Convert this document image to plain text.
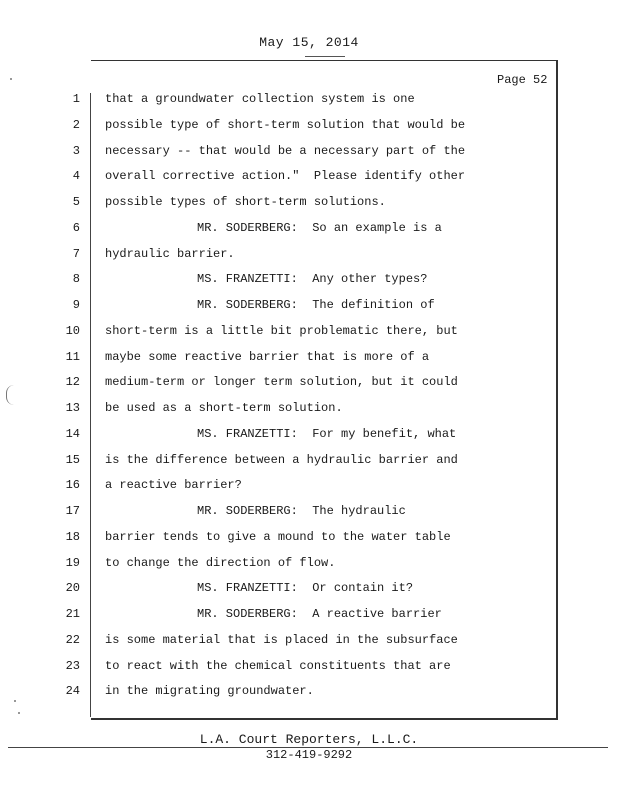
May 15, 2014
Page 52
1 that a groundwater collection system is one
2 possible type of short-term solution that would be
3 necessary -- that would be a necessary part of the
4 overall corrective action."  Please identify other
5 possible types of short-term solutions.
6	MR. SODERBERG:  So an example is a
7 hydraulic barrier.
8	MS. FRANZETTI:  Any other types?
9	MR. SODERBERG:  The definition of
10 short-term is a little bit problematic there, but
11 maybe some reactive barrier that is more of a
12 medium-term or longer term solution, but it could
13 be used as a short-term solution.
14	MS. FRANZETTI:  For my benefit, what
15 is the difference between a hydraulic barrier and
16 a reactive barrier?
17	MR. SODERBERG:  The hydraulic
18 barrier tends to give a mound to the water table
19 to change the direction of flow.
20	MS. FRANZETTI:  Or contain it?
21	MR. SODERBERG:  A reactive barrier
22 is some material that is placed in the subsurface
23 to react with the chemical constituents that are
24 in the migrating groundwater.
L.A. Court Reporters, L.L.C.
312-419-9292
